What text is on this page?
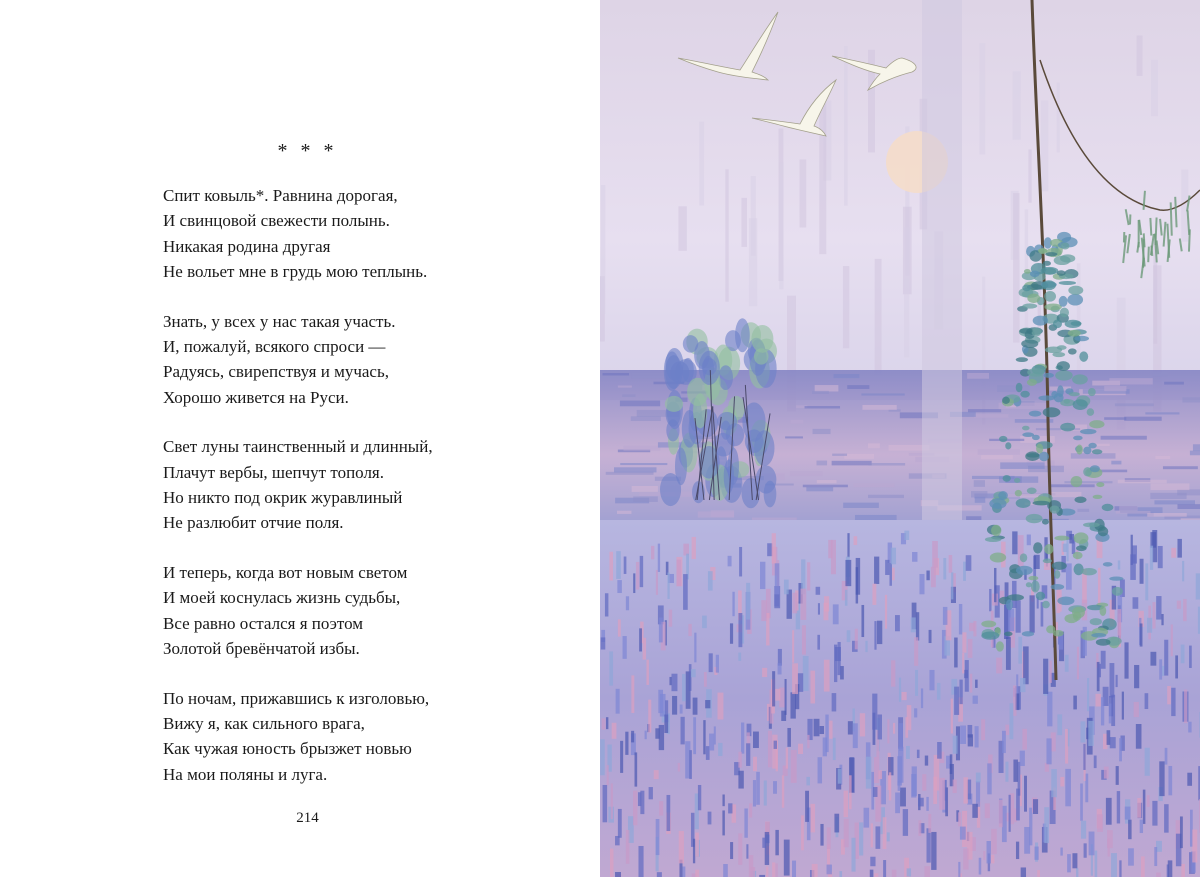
* * *
Спит ковыль*. Равнина дорогая,
И свинцовой свежести полынь.
Никакая родина другая
Не вольет мне в грудь мою теплынь.
Знать, у всех у нас такая участь.
И, пожалуй, всякого спроси —
Радуясь, свирепствуя и мучась,
Хорошо живется на Руси.
Свет луны таинственный и длинный,
Плачут вербы, шепчут тополя.
Но никто под окрик журавлиный
Не разлюбит отчие поля.
И теперь, когда вот новым светом
И моей коснулась жизнь судьбы,
Все равно остался я поэтом
Золотой бревёнчатой избы.
По ночам, прижавшись к изголовью,
Вижу я, как сильного врага,
Как чужая юность брызжет новью
На мои поляны и луга.
214
